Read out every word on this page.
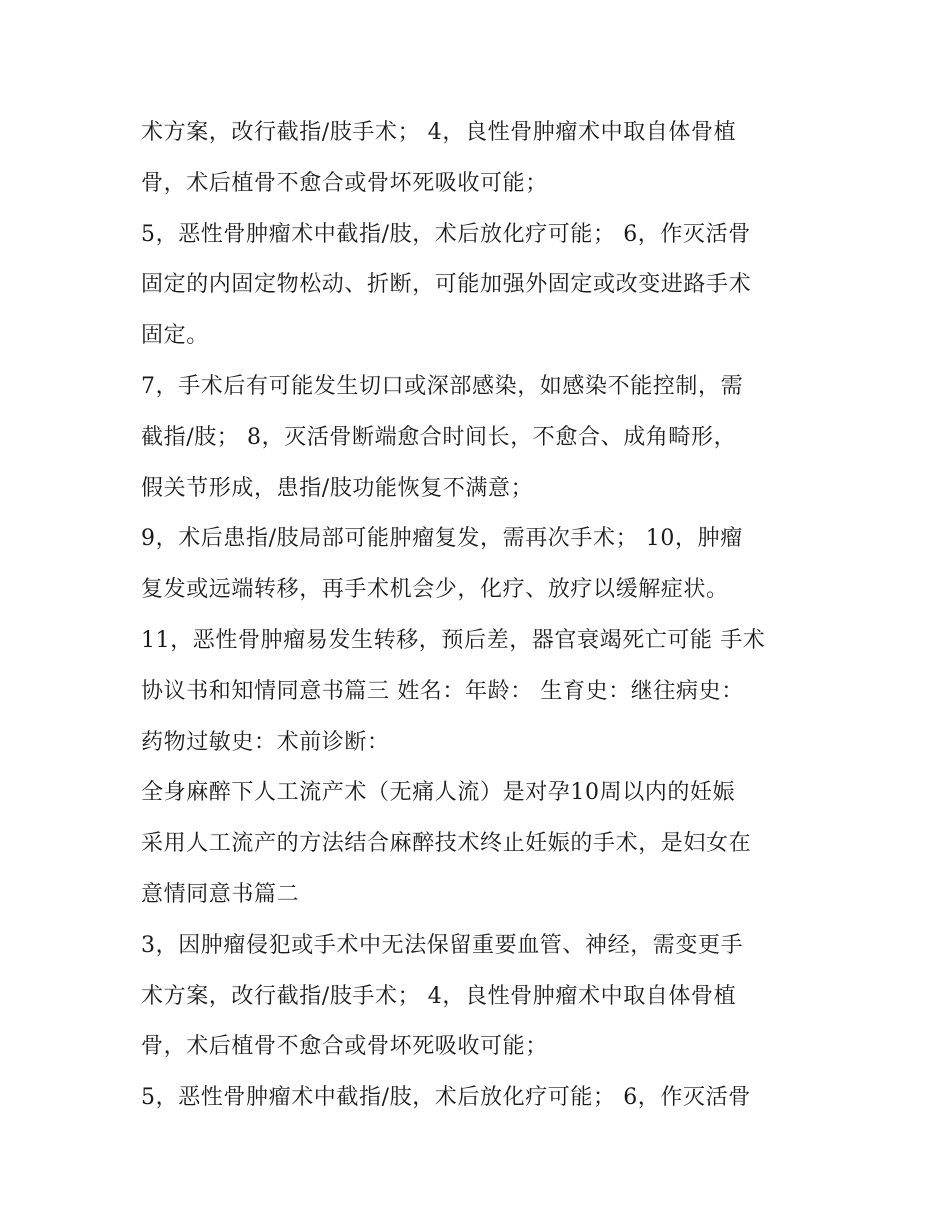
术方案，改行截指/肢手术； 4，良性骨肿瘤术中取自体骨植
骨，术后植骨不愈合或骨坏死吸收可能；
5，恶性骨肿瘤术中截指/肢，术后放化疗可能； 6，作灭活骨
固定的内固定物松动、折断，可能加强外固定或改变进路手术
固定。
7，手术后有可能发生切口或深部感染，如感染不能控制，需
截指/肢； 8，灭活骨断端愈合时间长，不愈合、成角畸形，
假关节形成，患指/肢功能恢复不满意；
9，术后患指/肢局部可能肿瘤复发，需再次手术； 10，肿瘤
复发或远端转移，再手术机会少，化疗、放疗以缓解症状。
11，恶性骨肿瘤易发生转移，预后差，器官衰竭死亡可能 手术
协议书和知情同意书篇三 姓名：年龄： 生育史：继往病史：
药物过敏史：术前诊断：
全身麻醉下人工流产术（无痛人流）是对孕10周以内的妊娠
采用人工流产的方法结合麻醉技术终止妊娠的手术，是妇女在
意情同意书篇二
3，因肿瘤侵犯或手术中无法保留重要血管、神经，需变更手
术方案，改行截指/肢手术； 4，良性骨肿瘤术中取自体骨植
骨，术后植骨不愈合或骨坏死吸收可能；
5，恶性骨肿瘤术中截指/肢，术后放化疗可能； 6，作灭活骨
